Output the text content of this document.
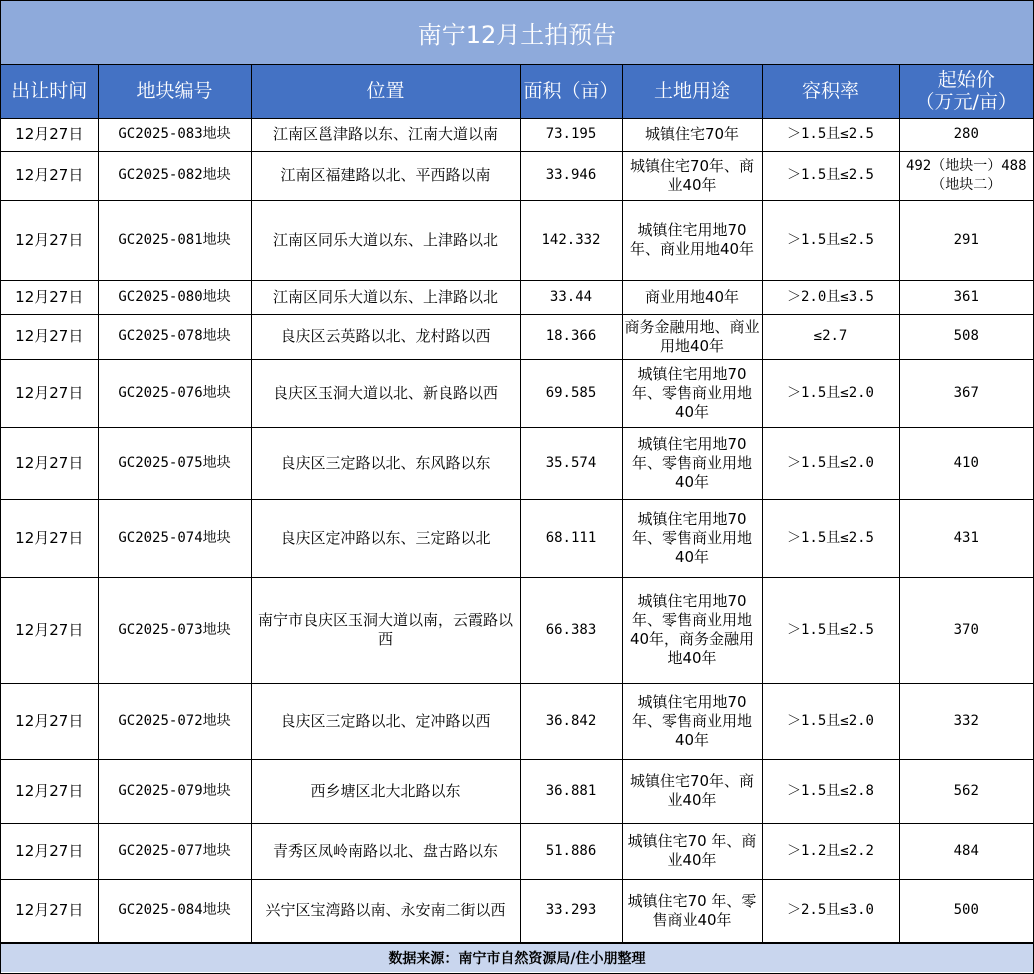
南宁12月土拍预告
出让时间	地块编号	位置	面积（亩）	土地用途	容积率	起始价
（万元/亩）

12月27日	GC2025-083地块	江南区邕津路以东、江南大道以南	73.195	城镇住宅70年	＞1.5且≤2.5	280
12月27日	GC2025-082地块	江南区福建路以北、平西路以南	33.946	城镇住宅70年、商业40年	＞1.5且≤2.5	492（地块一）488（地块二）
12月27日	GC2025-081地块	江南区同乐大道以东、上津路以北	142.332	城镇住宅用地70年、商业用地40年	＞1.5且≤2.5	291
12月27日	GC2025-080地块	江南区同乐大道以东、上津路以北	33.44	商业用地40年	＞2.0且≤3.5	361
12月27日	GC2025-078地块	良庆区云英路以北、龙村路以西	18.366	商务金融用地、商业用地40年	≤2.7	508
12月27日	GC2025-076地块	良庆区玉洞大道以北、新良路以西	69.585	城镇住宅用地70年、零售商业用地40年	＞1.5且≤2.0	367
12月27日	GC2025-075地块	良庆区三定路以北、东风路以东	35.574	城镇住宅用地70年、零售商业用地40年	＞1.5且≤2.0	410
12月27日	GC2025-074地块	良庆区定冲路以东、三定路以北	68.111	城镇住宅用地70年、零售商业用地40年	＞1.5且≤2.5	431
12月27日	GC2025-073地块	南宁市良庆区玉洞大道以南，云霞路以西	66.383	城镇住宅用地70年、零售商业用地40年，商务金融用地40年	＞1.5且≤2.5	370
12月27日	GC2025-072地块	良庆区三定路以北、定冲路以西	36.842	城镇住宅用地70年、零售商业用地40年	＞1.5且≤2.0	332
12月27日	GC2025-079地块	西乡塘区北大北路以东	36.881	城镇住宅70年、商业40年	＞1.5且≤2.8	562
12月27日	GC2025-077地块	青秀区凤岭南路以北、盘古路以东	51.886	城镇住宅70 年、商业40年	＞1.2且≤2.2	484
12月27日	GC2025-084地块	兴宁区宝湾路以南、永安南二街以西	33.293	城镇住宅70 年、零售商业40年	＞2.5且≤3.0	500
数据来源：南宁市自然资源局/住小朋整理
